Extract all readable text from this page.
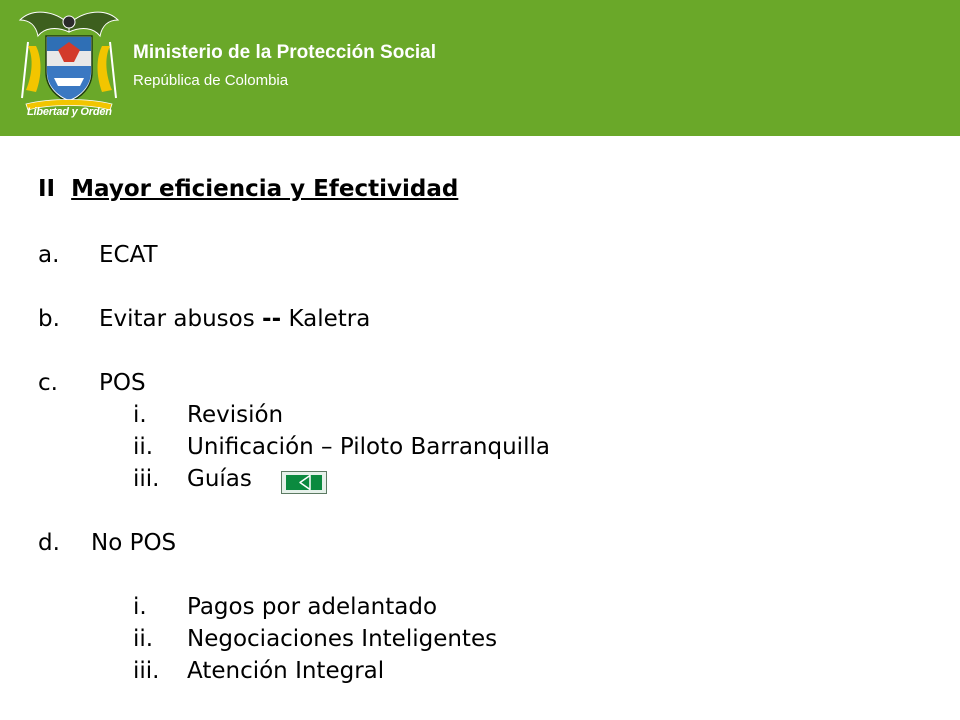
Libertad y Orden
Ministerio de la Protección Social
República de Colombia
II Mayor eficiencia y Efectividad
a. ECAT
b. Evitar abusos -- Kaletra
c. POS
i. Revisión
ii. Unificación – Piloto Barranquilla
iii. Guías
d. No POS
i. Pagos por adelantado
ii. Negociaciones Inteligentes
iii. Atención Integral
